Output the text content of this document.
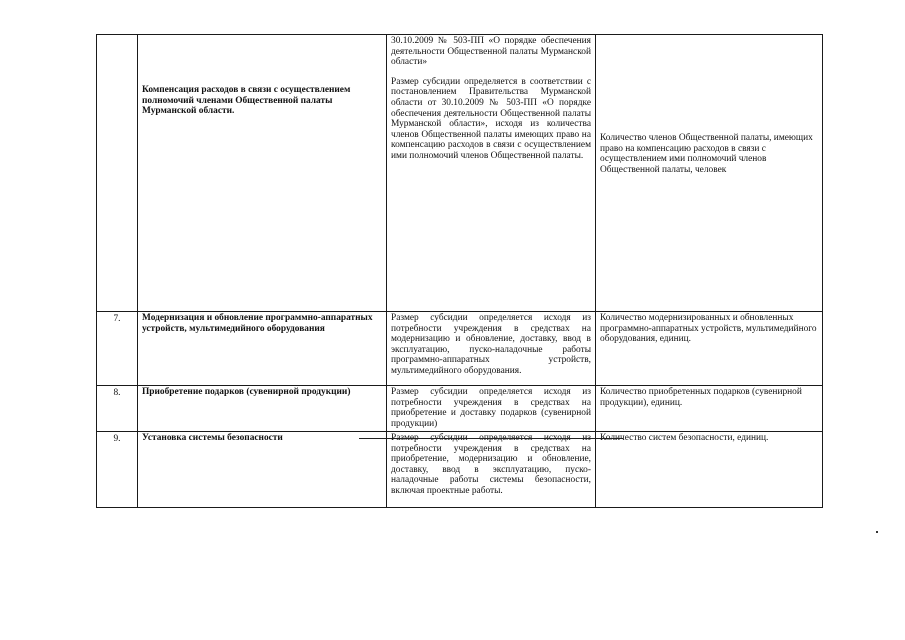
	Компенсация расходов в связи с осуществлением полномочий членами Общественной палаты Мурманской области.	30.10.2009 № 503-ПП «О порядке обеспечения деятельности Общественной палаты Мурманской области»

Размер субсидии определяется в соответствии с постановлением Правительства Мурманской области от 30.10.2009 № 503-ПП «О порядке обеспечения деятельности Общественной палаты Мурманской области», исходя из количества членов Общественной палаты имеющих право на компенсацию расходов в связи с осуществлением ими полномочий членов Общественной палаты.	Количество членов Общественной палаты, имеющих право на компенсацию расходов в связи с осуществлением ими полномочий членов Общественной палаты, человек

7.	Модернизация и обновление программно-аппаратных устройств, мультимедийного оборудования	Размер субсидии определяется исходя из потребности учреждения в средствах на модернизацию и обновление, доставку, ввод в эксплуатацию, пуско-наладочные работы программно-аппаратных устройств, мультимедийного оборудования.	Количество модернизированных и обновленных программно-аппаратных устройств, мультимедийного оборудования, единиц.

8.	Приобретение подарков (сувенирной продукции)	Размер субсидии определяется исходя из потребности учреждения в средствах на приобретение и доставку подарков (сувенирной продукции)	Количество приобретенных подарков (сувенирной продукции), единиц.

9.	Установка системы безопасности	Размер субсидии определяется исходя из потребности учреждения в средствах на приобретение, модернизацию и обновление, доставку, ввод в эксплуатацию, пуско-наладочные работы системы безопасности, включая проектные работы.	Количество систем безопасности, единиц.
